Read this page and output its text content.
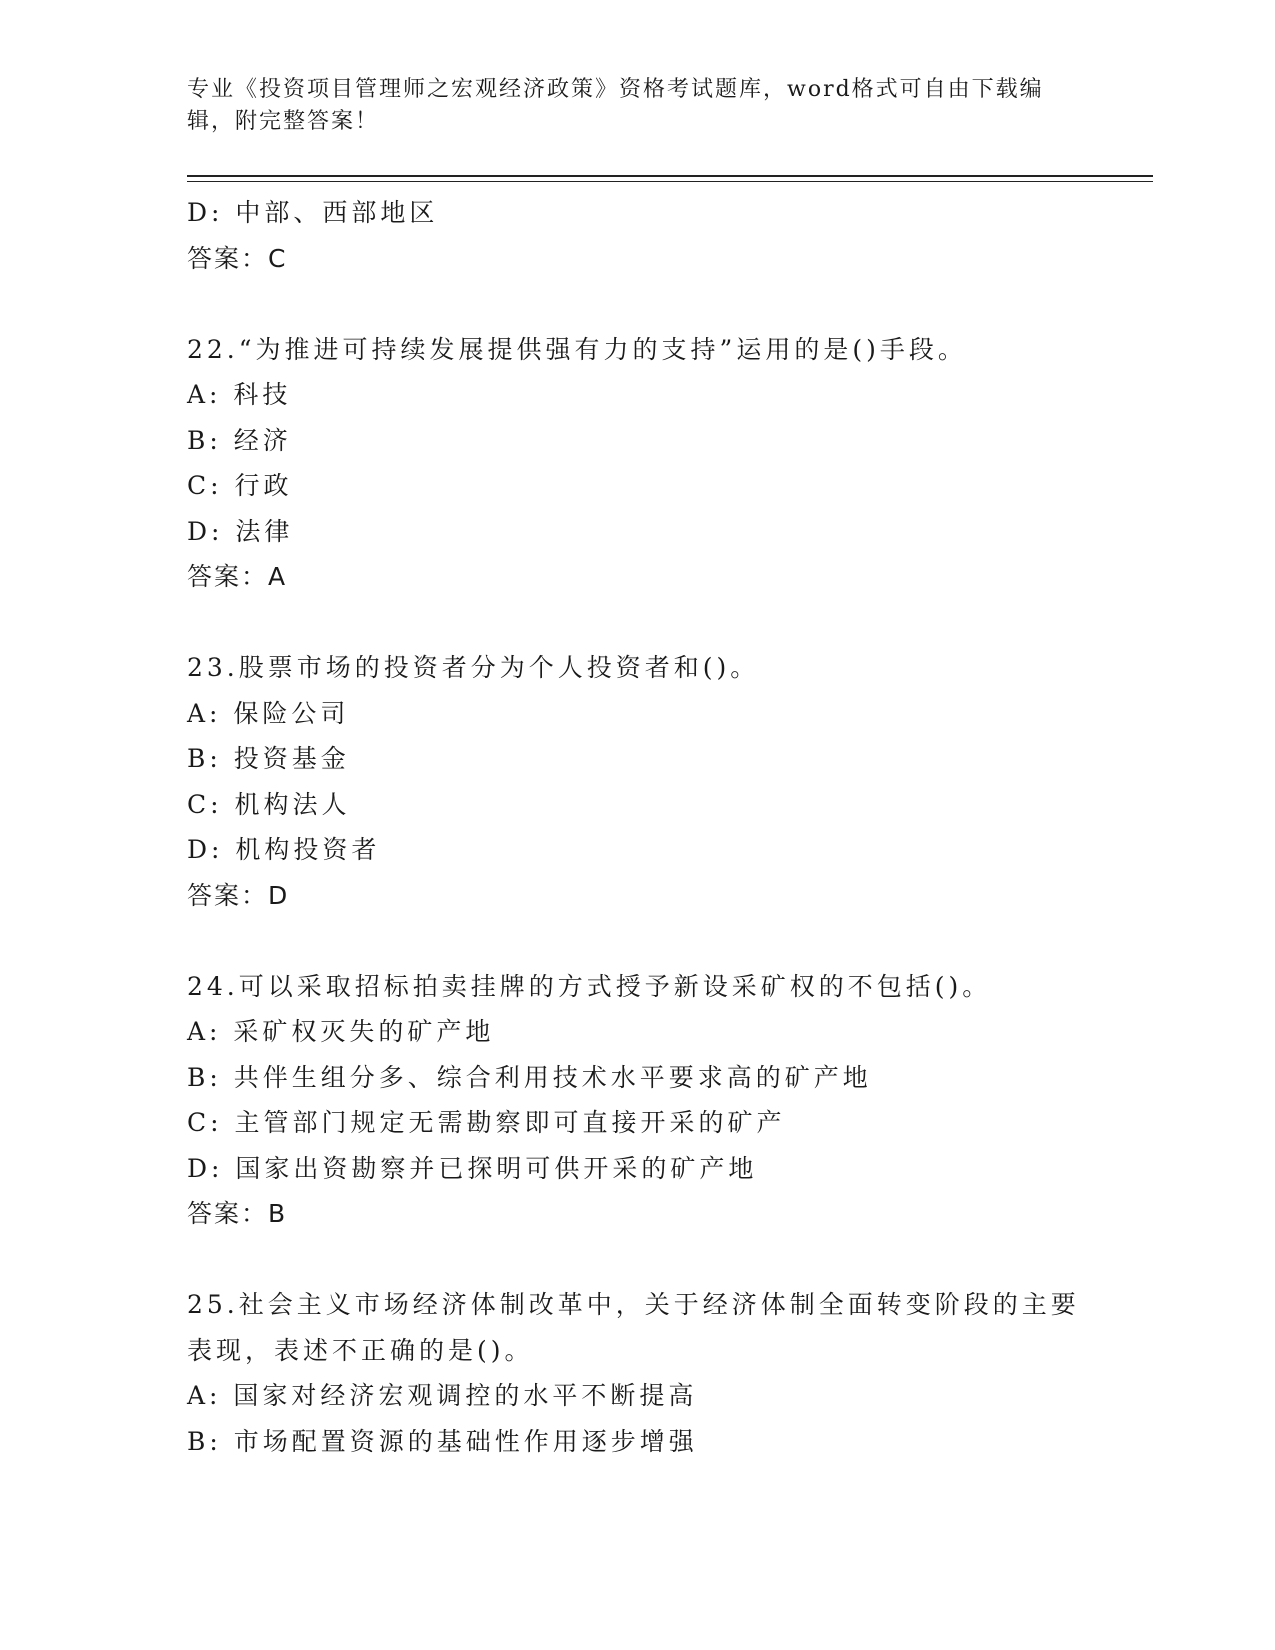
专业《投资项目管理师之宏观经济政策》资格考试题库，word格式可自由下载编
辑，附完整答案！
D: 中部、西部地区
答案：C
22.“为推进可持续发展提供强有力的支持”运用的是()手段。
A: 科技
B: 经济
C: 行政
D: 法律
答案：A
23.股票市场的投资者分为个人投资者和()。
A: 保险公司
B: 投资基金
C: 机构法人
D: 机构投资者
答案：D
24.可以采取招标拍卖挂牌的方式授予新设采矿权的不包括()。
A: 采矿权灭失的矿产地
B: 共伴生组分多、综合利用技术水平要求高的矿产地
C: 主管部门规定无需勘察即可直接开采的矿产
D: 国家出资勘察并已探明可供开采的矿产地
答案：B
25.社会主义市场经济体制改革中，关于经济体制全面转变阶段的主要
表现，表述不正确的是()。
A: 国家对经济宏观调控的水平不断提高
B: 市场配置资源的基础性作用逐步增强
